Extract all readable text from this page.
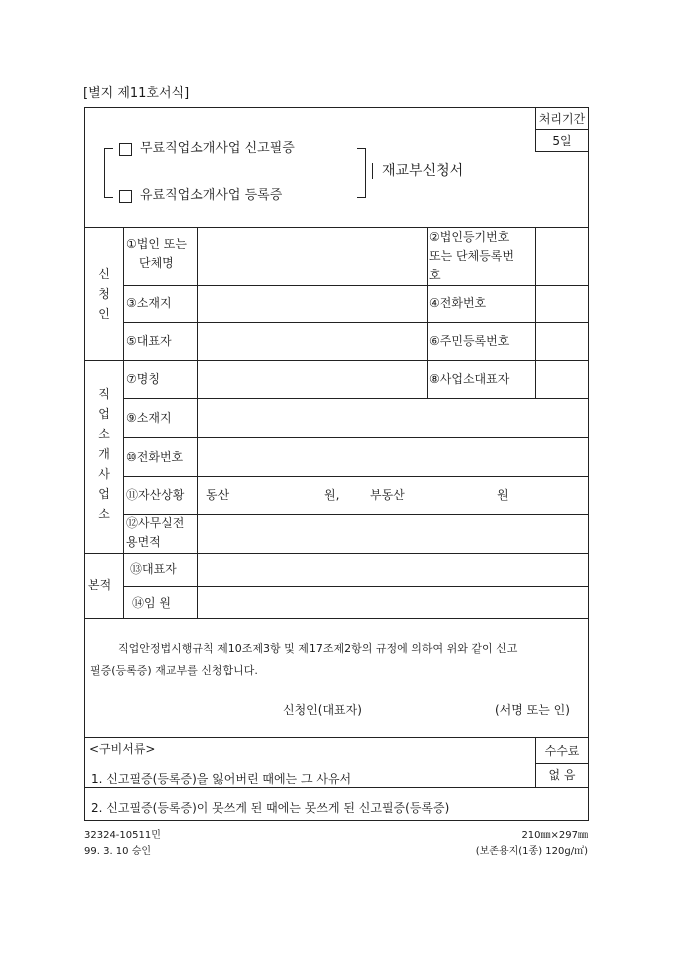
[별지 제11호서식]
처리기간
5일
무료직업소개사업 신고필증
유료직업소개사업 등록증
재교부신청서
신청인
①법인 또는
단체명
②법인등기번호
또는 단체등록번
호
③소재지	④전화번호
⑤대표자	⑥주민등록번호
직업소개사업소
⑦명칭	⑧사업소대표자
⑨소재지
⑩전화번호
⑪자산상황 동산	원,	부동산	원
⑫사무실전
용면적
본적
⑬대표자
⑭임 원
직업안정법시행규칙 제10조제3항 및 제17조제2항의 규정에 의하여 위와 같이 신고
필증(등록증) 재교부를 신청합니다.
신청인(대표자)	(서명 또는 인)
<구비서류>
1. 신고필증(등록증)을 잃어버린 때에는 그 사유서
2. 신고필증(등록증)이 못쓰게 된 때에는 못쓰게 된 신고필증(등록증)
수수료
없 음
32324-10511민
99. 3. 10 승인
210㎜×297㎜
(보존용지(1종) 120g/㎡)
